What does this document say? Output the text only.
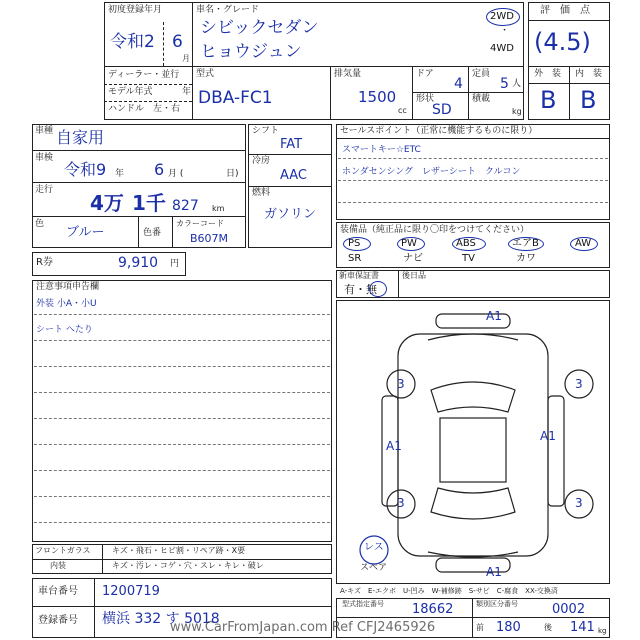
初度登録年月
令和2 6
月
車名・グレード
シビックセダン
ヒョウジュン
2WD
・
4WD
ディーラー・並行
モデル年式	年
ハンドル　左・右
型式
DBA-FC1
排気量
1500
cc
ドア
4
定員
5 人
形状
SD
積載
kg
評　価　点
(4.5)
外　装 内　装
B B
車種 自家用
車検
令和9 年 6 月 (	日)
走行
4万 1千 827 km
色
ブルー	色番
カラーコード
B607M
シフト
FAT
冷房
AAC
燃料
ガソリン
R券	9,910 円
セールスポイント（正常に機能するものに限り）
スマートキー☆ETC
ホンダセンシング　レザーシート　クルコン
装備品（純正品に限り〇印をつけてください）
PS	PW	ABS	エアB	AW
SR	ナビ	TV	カワ
新車保証書
有・無
後日品
注意事項申告欄
外装 小A・小U
シート へたり
A1
3	3
A1
A1
3	3
A1
レス
スペア
A-キズ　E-エクボ　U-凹み　W-補修跡　S-サビ　C-腐食　XX-交換済
フロントガラス
内装
キズ・飛石・ヒビ割・リペア跡・X要
キズ・汚レ・コゲ・穴・スレ・キレ・破レ
車台番号 1200719
登録番号 横浜 332 す 5018
型式指定番号 18662	類別区分番号	0002
前 180	後 141 kg
www.CarFromJapan.com Ref CFJ2465926
